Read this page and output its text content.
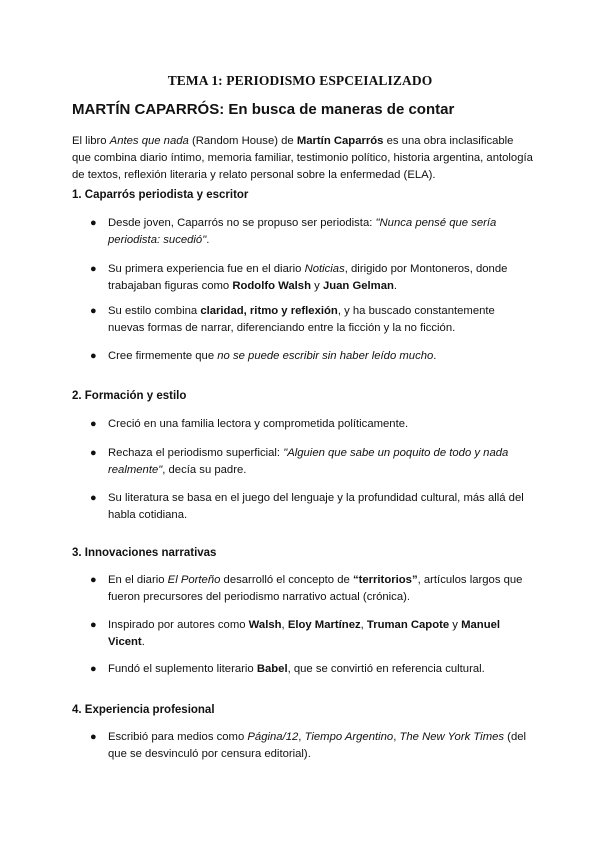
TEMA 1: PERIODISMO ESPCEIALIZADO
MARTÍN CAPARRÓS: En busca de maneras de contar
El libro Antes que nada (Random House) de Martín Caparrós es una obra inclasificable que combina diario íntimo, memoria familiar, testimonio político, historia argentina, antología de textos, reflexión literaria y relato personal sobre la enfermedad (ELA).
1. Caparrós periodista y escritor
● Desde joven, Caparrós no se propuso ser periodista: "Nunca pensé que sería periodista: sucedió".
● Su primera experiencia fue en el diario Noticias, dirigido por Montoneros, donde trabajaban figuras como Rodolfo Walsh y Juan Gelman.
● Su estilo combina claridad, ritmo y reflexión, y ha buscado constantemente nuevas formas de narrar, diferenciando entre la ficción y la no ficción.
● Cree firmemente que no se puede escribir sin haber leído mucho.
2. Formación y estilo
● Creció en una familia lectora y comprometida políticamente.
● Rechaza el periodismo superficial: "Alguien que sabe un poquito de todo y nada realmente", decía su padre.
● Su literatura se basa en el juego del lenguaje y la profundidad cultural, más allá del habla cotidiana.
3. Innovaciones narrativas
● En el diario El Porteño desarrolló el concepto de “territorios”, artículos largos que fueron precursores del periodismo narrativo actual (crónica).
● Inspirado por autores como Walsh, Eloy Martínez, Truman Capote y Manuel Vicent.
● Fundó el suplemento literario Babel, que se convirtió en referencia cultural.
4. Experiencia profesional
● Escribió para medios como Página/12, Tiempo Argentino, The New York Times (del que se desvinculó por censura editorial).
